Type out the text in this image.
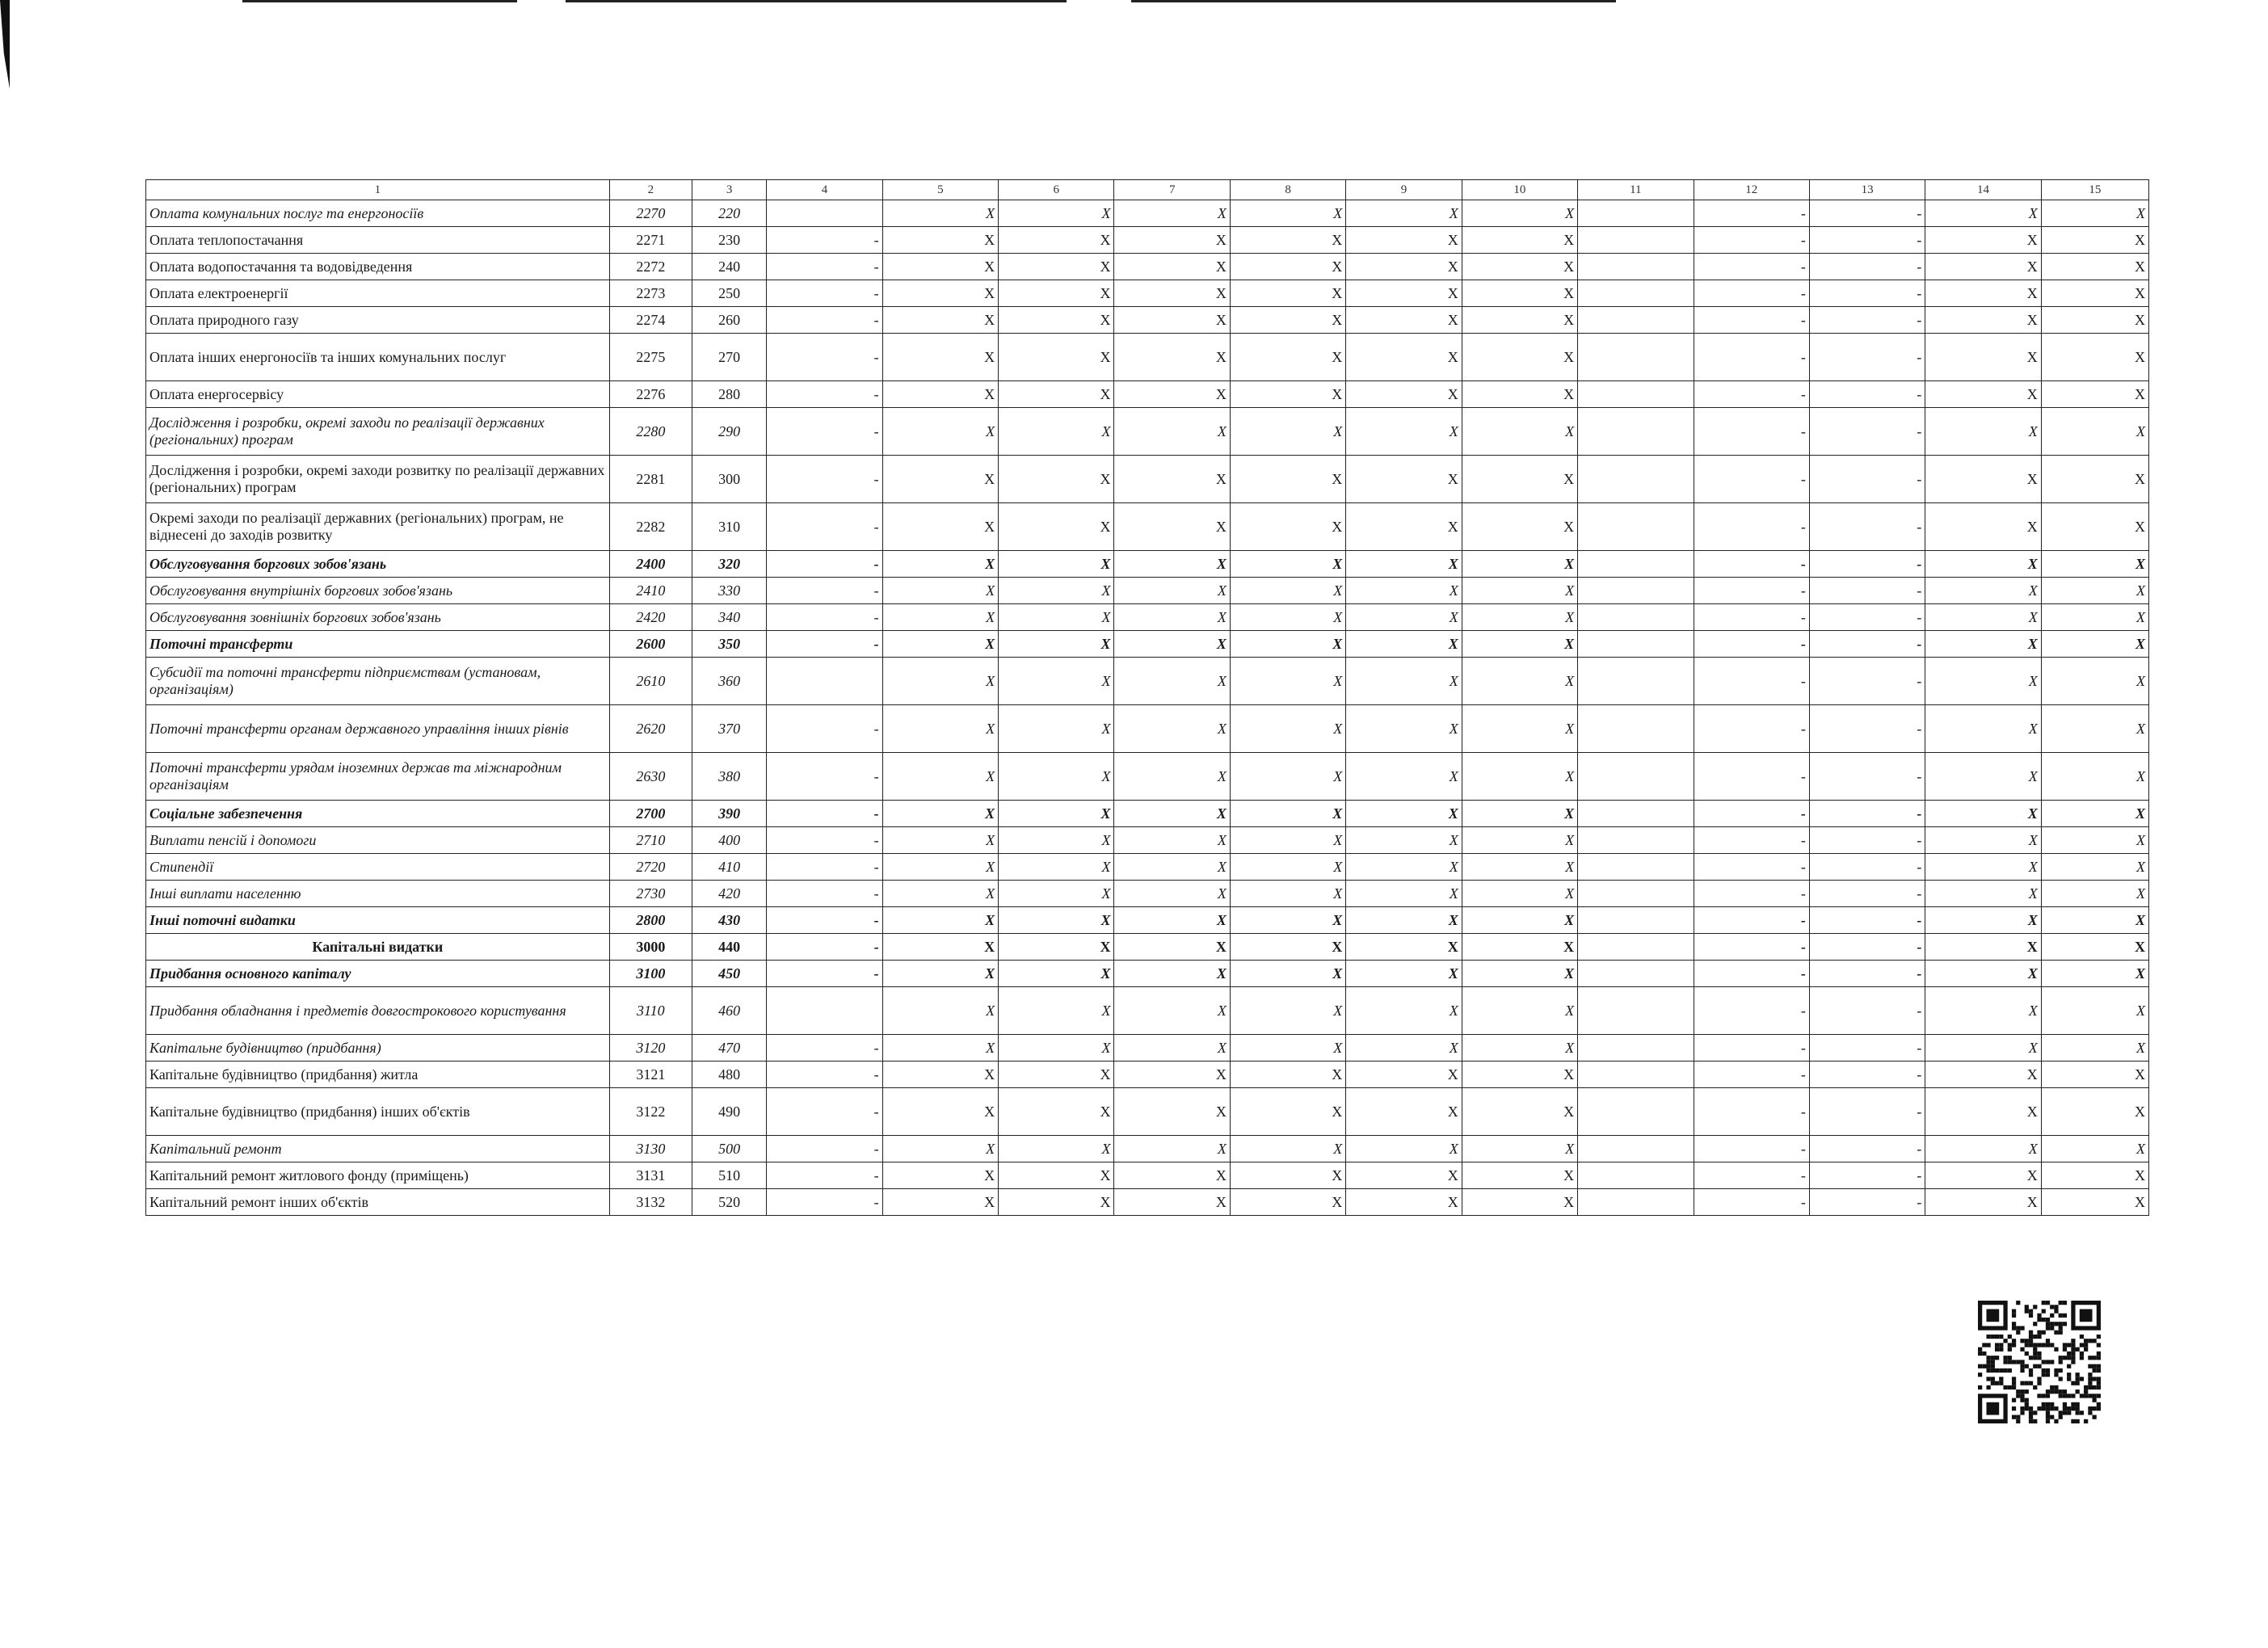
1	2	3	4	5	6	7	8	9	10	11	12	13	14	15
Оплата комунальних послуг та енергоносіїв	2270	220		X	X	X	X	X	X		-	-	X	X
Оплата теплопостачання	2271	230	-	X	X	X	X	X	X		-	-	X	X
Оплата водопостачання та водовідведення	2272	240	-	X	X	X	X	X	X		-	-	X	X
Оплата електроенергії	2273	250	-	X	X	X	X	X	X		-	-	X	X
Оплата природного газу	2274	260	-	X	X	X	X	X	X		-	-	X	X
Оплата інших енергоносіїв та інших комунальних послуг	2275	270	-	X	X	X	X	X	X		-	-	X	X
Оплата енергосервісу	2276	280	-	X	X	X	X	X	X		-	-	X	X
Дослідження і розробки, окремі заходи по реалізації державних (регіональних) програм	2280	290	-	X	X	X	X	X	X		-	-	X	X
Дослідження і розробки, окремі заходи розвитку по реалізації державних (регіональних) програм	2281	300	-	X	X	X	X	X	X		-	-	X	X
Окремі заходи по реалізації державних (регіональних) програм, не віднесені до заходів розвитку	2282	310	-	X	X	X	X	X	X		-	-	X	X
Обслуговування боргових зобов'язань	2400	320	-	X	X	X	X	X	X		-	-	X	X
Обслуговування внутрішніх боргових зобов'язань	2410	330	-	X	X	X	X	X	X		-	-	X	X
Обслуговування зовнішніх боргових зобов'язань	2420	340	-	X	X	X	X	X	X		-	-	X	X
Поточні трансферти	2600	350	-	X	X	X	X	X	X		-	-	X	X
Субсидії та поточні трансферти підприємствам (установам, організаціям)	2610	360		X	X	X	X	X	X		-	-	X	X
Поточні трансферти органам державного управління інших рівнів	2620	370	-	X	X	X	X	X	X		-	-	X	X
Поточні трансферти урядам іноземних держав та міжнародним організаціям	2630	380	-	X	X	X	X	X	X		-	-	X	X
Соціальне забезпечення	2700	390	-	X	X	X	X	X	X		-	-	X	X
Виплати пенсій і допомоги	2710	400	-	X	X	X	X	X	X		-	-	X	X
Стипендії	2720	410	-	X	X	X	X	X	X		-	-	X	X
Інші виплати населенню	2730	420	-	X	X	X	X	X	X		-	-	X	X
Інші поточні видатки	2800	430	-	X	X	X	X	X	X		-	-	X	X
Капітальні видатки	3000	440	-	X	X	X	X	X	X		-	-	X	X
Придбання основного капіталу	3100	450	-	X	X	X	X	X	X		-	-	X	X
Придбання обладнання і предметів довгострокового користування	3110	460		X	X	X	X	X	X		-	-	X	X
Капітальне будівництво (придбання)	3120	470	-	X	X	X	X	X	X		-	-	X	X
Капітальне будівництво (придбання) житла	3121	480	-	X	X	X	X	X	X		-	-	X	X
Капітальне будівництво (придбання) інших об'єктів	3122	490	-	X	X	X	X	X	X		-	-	X	X
Капітальний ремонт	3130	500	-	X	X	X	X	X	X		-	-	X	X
Капітальний ремонт житлового фонду (приміщень)	3131	510	-	X	X	X	X	X	X		-	-	X	X
Капітальний ремонт інших об'єктів	3132	520	-	X	X	X	X	X	X		-	-	X	X
